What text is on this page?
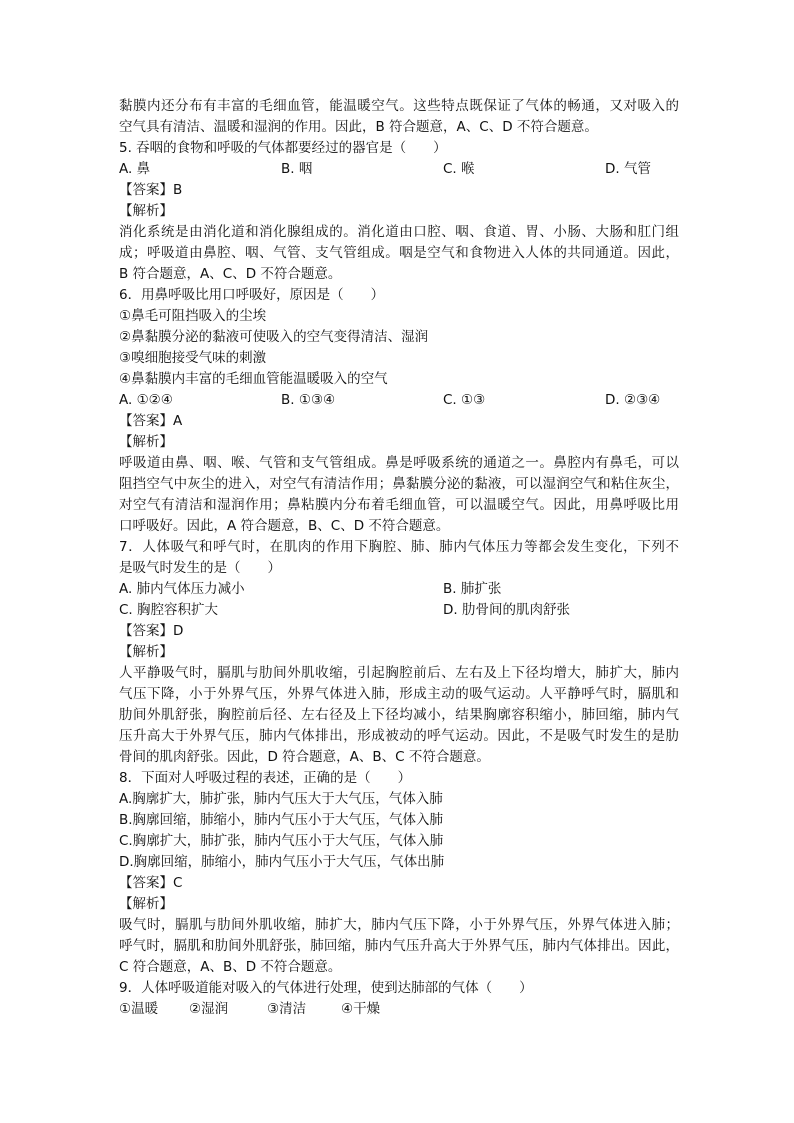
黏膜内还分布有丰富的毛细血管，能温暖空气。这些特点既保证了气体的畅通，又对吸入的

空气具有清洁、温暖和湿润的作用。因此，B 符合题意，A、C、D 不符合题意。

5. 吞咽的食物和呼吸的气体都要经过的器官是（　　）

A. 鼻	B. 咽	C. 喉	D. 气管

【答案】B

【解析】

消化系统是由消化道和消化腺组成的。消化道由口腔、咽、食道、胃、小肠、大肠和肛门组

成；呼吸道由鼻腔、咽、气管、支气管组成。咽是空气和食物进入人体的共同通道。因此，

B 符合题意，A、C、D 不符合题意。

6．用鼻呼吸比用口呼吸好，原因是（　　）

①鼻毛可阻挡吸入的尘埃

②鼻黏膜分泌的黏液可使吸入的空气变得清洁、湿润

③嗅细胞接受气味的刺激

④鼻黏膜内丰富的毛细血管能温暖吸入的空气

A. ①②④	B. ①③④	C. ①③	D. ②③④

【答案】A

【解析】

呼吸道由鼻、咽、喉、气管和支气管组成。鼻是呼吸系统的通道之一。鼻腔内有鼻毛，可以

阻挡空气中灰尘的进入，对空气有清洁作用；鼻黏膜分泌的黏液，可以湿润空气和粘住灰尘，

对空气有清洁和湿润作用；鼻粘膜内分布着毛细血管，可以温暖空气。因此，用鼻呼吸比用

口呼吸好。因此，A 符合题意，B、C、D 不符合题意。

7．人体吸气和呼气时，在肌肉的作用下胸腔、肺、肺内气体压力等都会发生变化，下列不

是吸气时发生的是（　　）

A. 肺内气体压力减小	B. 肺扩张
C. 胸腔容积扩大	D. 肋骨间的肌肉舒张

【答案】D

【解析】

人平静吸气时，膈肌与肋间外肌收缩，引起胸腔前后、左右及上下径均增大，肺扩大，肺内

气压下降，小于外界气压，外界气体进入肺，形成主动的吸气运动。人平静呼气时，膈肌和

肋间外肌舒张，胸腔前后径、左右径及上下径均减小，结果胸廓容积缩小，肺回缩，肺内气

压升高大于外界气压，肺内气体排出，形成被动的呼气运动。因此，不是吸气时发生的是肋

骨间的肌肉舒张。因此，D 符合题意，A、B、C 不符合题意。

8．下面对人呼吸过程的表述，正确的是（　　）

A.胸廓扩大，肺扩张，肺内气压大于大气压，气体入肺

B.胸廓回缩，肺缩小，肺内气压小于大气压，气体入肺

C.胸廓扩大，肺扩张，肺内气压小于大气压，气体入肺

D.胸廓回缩，肺缩小，肺内气压小于大气压，气体出肺

【答案】C

【解析】

吸气时，膈肌与肋间外肌收缩，肺扩大，肺内气压下降，小于外界气压，外界气体进入肺；

呼气时，膈肌和肋间外肌舒张，肺回缩，肺内气压升高大于外界气压，肺内气体排出。因此，

C 符合题意，A、B、D 不符合题意。

9．人体呼吸道能对吸入的气体进行处理，使到达肺部的气体（　　）

①温暖	②湿润	③清洁	④干燥
